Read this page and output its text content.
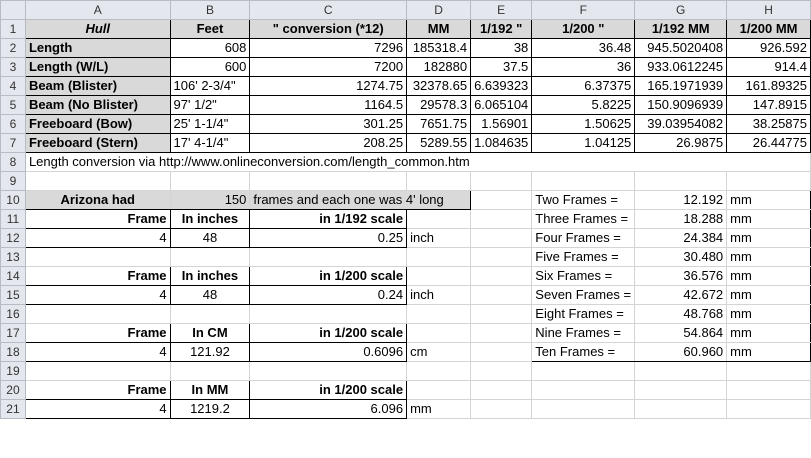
	A	B	C	D	E	F	G	H
1	Hull	Feet	" conversion (*12)	MM	1/192 "	1/200 "	1/192 MM	1/200 MM
2	Length	608	7296	185318.4	38	36.48	945.5020408	926.592
3	Length (W/L)	600	7200	182880	37.5	36	933.0612245	914.4
4	Beam (Blister)	106' 2-3/4"	1274.75	32378.65	6.639323	6.37375	165.1971939	161.89325
5	Beam (No Blister)	97' 1/2"	1164.5	29578.3	6.065104	5.8225	150.9096939	147.8915
6	Freeboard (Bow)	25' 1-1/4"	301.25	7651.75	1.56901	1.50625	39.03954082	38.25875
7	Freeboard (Stern)	17' 4-1/4"	208.25	5289.55	1.084635	1.04125	26.9875	26.44775
8	Length conversion via http://www.onlineconversion.com/length_common.htm							
9								
10	Arizona had	150	frames and each one was 4' long			Two Frames =	12.192	mm
11	Frame	In inches	in 1/192 scale			Three Frames =	18.288	mm
12	4	48	0.25	inch		Four Frames =	24.384	mm
13						Five Frames =	30.480	mm
14	Frame	In inches	in 1/200 scale			Six Frames =	36.576	mm
15	4	48	0.24	inch		Seven Frames =	42.672	mm
16						Eight Frames =	48.768	mm
17	Frame	In CM	in 1/200 scale			Nine Frames =	54.864	mm
18	4	121.92	0.6096	cm		Ten Frames =	60.960	mm
19								
20	Frame	In MM	in 1/200 scale					
21	4	1219.2	6.096	mm				
